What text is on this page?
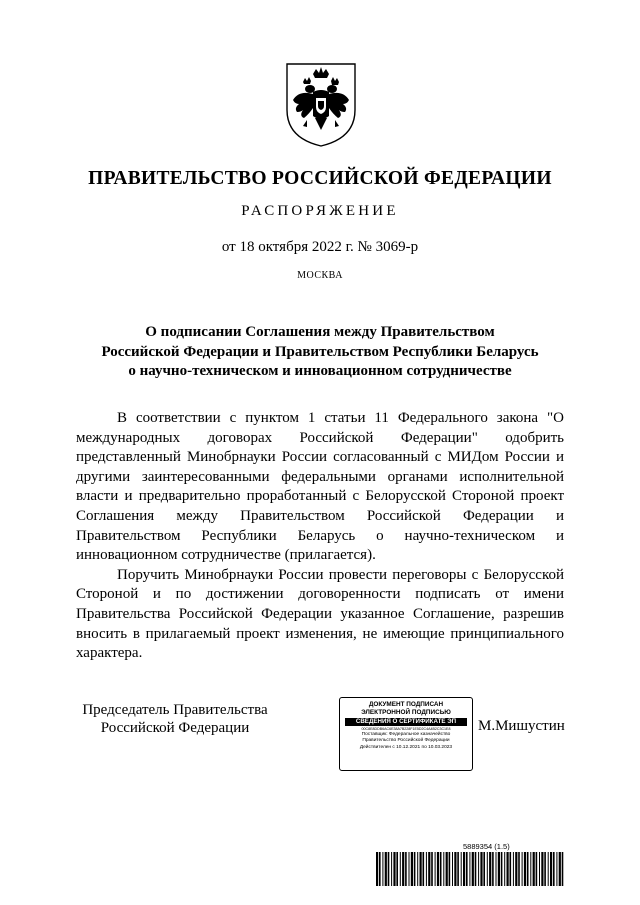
ПРАВИТЕЛЬСТВО РОССИЙСКОЙ ФЕДЕРАЦИИ
РАСПОРЯЖЕНИЕ
от 18 октября 2022 г. № 3069-р
МОСКВА
О подписании Соглашения между Правительством
Российской Федерации и Правительством Республики Беларусь
о научно-техническом и инновационном сотрудничестве

В соответствии с пунктом 1 статьи 11 Федерального закона "О международных договорах Российской Федерации" одобрить представленный Минобрнауки России согласованный с МИДом России и другими заинтересованными федеральными органами исполнительной власти и предварительно проработанный с Белорусской Стороной проект Соглашения между Правительством Российской Федерации и Правительством Республики Беларусь о научно-техническом и инновационном сотрудничестве (прилагается).

Поручить Минобрнауки России провести переговоры с Белорусской Стороной и по достижении договоренности подписать от имени Правительства Российской Федерации указанное Соглашение, разрешив вносить в прилагаемый проект изменения, не имеющие принципиального характера.

Председатель Правительства
Российской Федерации
ДОКУМЕНТ ПОДПИСАН
ЭЛЕКТРОННОЙ ПОДПИСЬЮ
СВЕДЕНИЯ О СЕРТИФИКАТЕ ЭП
00C8E8DDB6AC6E38A7B228F1E5D2C4A4B2C3C1E8
Поставщик: Федеральное казначейство
Правительство Российской Федерации
Действителен с 10.12.2021 по 10.03.2023
М.Мишустин
5889354 (1.5)
